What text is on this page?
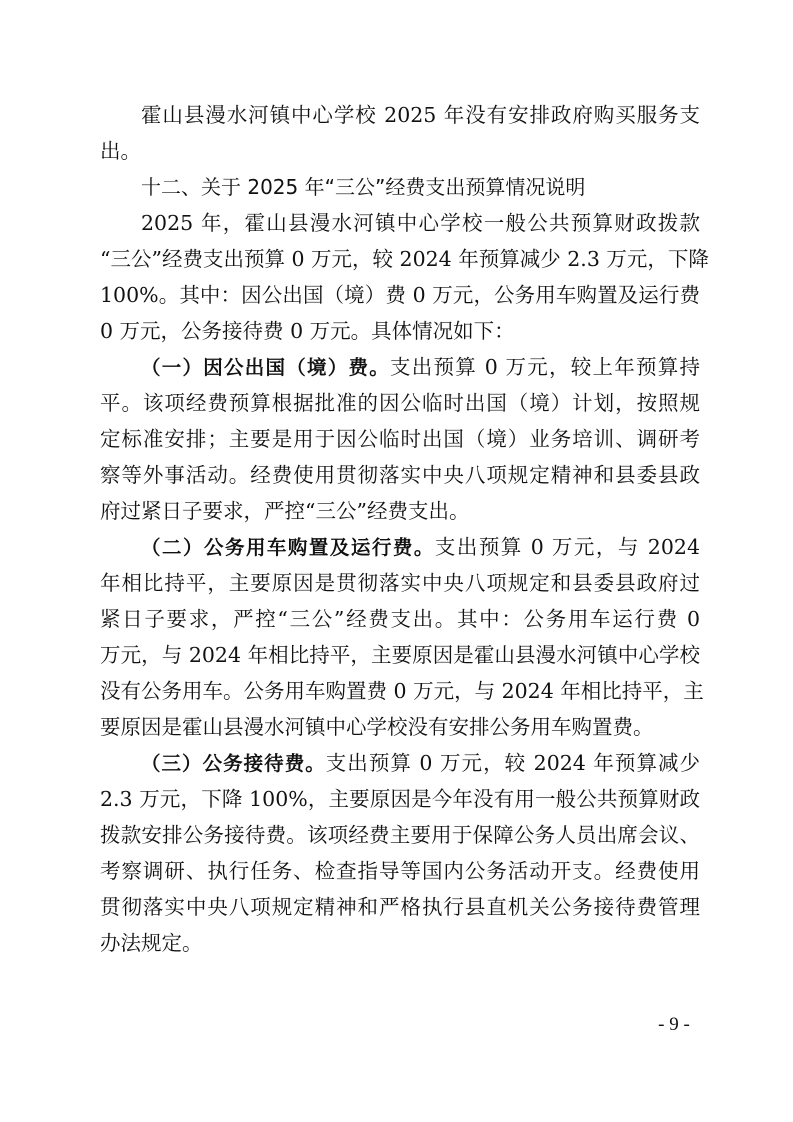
霍山县漫水河镇中心学校 2025 年没有安排政府购买服务支
出。
十二、关于 2025 年“三公”经费支出预算情况说明
2025 年，霍山县漫水河镇中心学校一般公共预算财政拨款
“三公”经费支出预算 0 万元，较 2024 年预算减少 2.3 万元，下降
100%。其中：因公出国（境）费 0 万元，公务用车购置及运行费
0 万元，公务接待费 0 万元。具体情况如下：
（一）因公出国（境）费。支出预算 0 万元，较上年预算持
平。该项经费预算根据批准的因公临时出国（境）计划，按照规
定标准安排；主要是用于因公临时出国（境）业务培训、调研考
察等外事活动。经费使用贯彻落实中央八项规定精神和县委县政
府过紧日子要求，严控“三公”经费支出。
（二）公务用车购置及运行费。支出预算 0 万元，与 2024
年相比持平，主要原因是贯彻落实中央八项规定和县委县政府过
紧日子要求，严控“三公”经费支出。其中：公务用车运行费 0
万元，与 2024 年相比持平，主要原因是霍山县漫水河镇中心学校
没有公务用车。公务用车购置费 0 万元，与 2024 年相比持平，主
要原因是霍山县漫水河镇中心学校没有安排公务用车购置费。
（三）公务接待费。支出预算 0 万元，较 2024 年预算减少
2.3 万元，下降 100%，主要原因是今年没有用一般公共预算财政
拨款安排公务接待费。该项经费主要用于保障公务人员出席会议、
考察调研、执行任务、检查指导等国内公务活动开支。经费使用
贯彻落实中央八项规定精神和严格执行县直机关公务接待费管理
办法规定。
- 9 -
